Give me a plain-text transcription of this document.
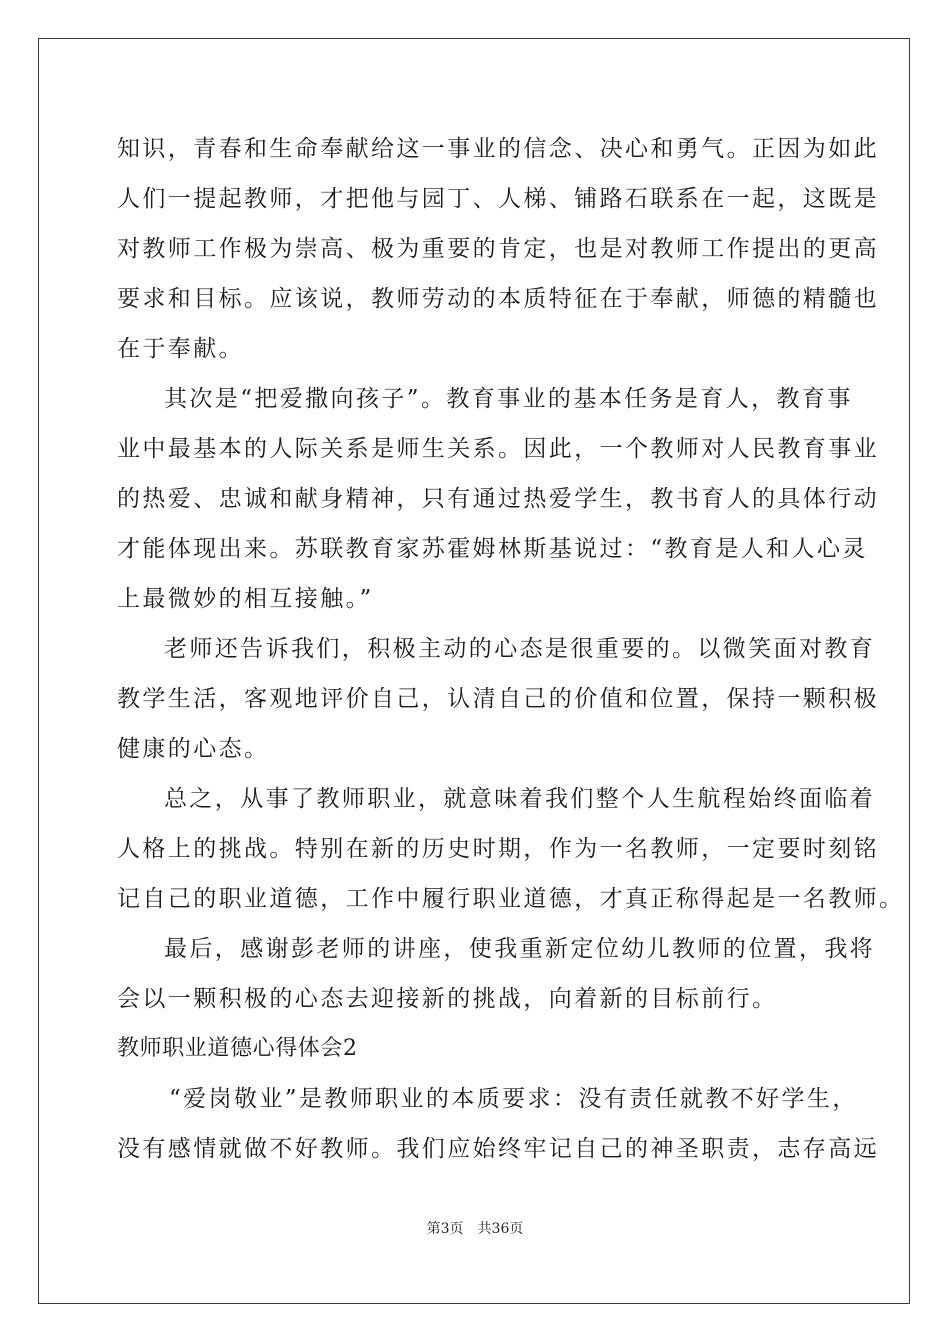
知识，青春和生命奉献给这一事业的信念、决心和勇气。正因为如此
人们一提起教师，才把他与园丁、人梯、铺路石联系在一起，这既是
对教师工作极为崇高、极为重要的肯定，也是对教师工作提出的更高
要求和目标。应该说，教师劳动的本质特征在于奉献，师德的精髓也
在于奉献。
其次是“把爱撒向孩子”。教育事业的基本任务是育人，教育事
业中最基本的人际关系是师生关系。因此，一个教师对人民教育事业
的热爱、忠诚和献身精神，只有通过热爱学生，教书育人的具体行动
才能体现出来。苏联教育家苏霍姆林斯基说过：“教育是人和人心灵
上最微妙的相互接触。”
老师还告诉我们，积极主动的心态是很重要的。以微笑面对教育
教学生活，客观地评价自己，认清自己的价值和位置，保持一颗积极
健康的心态。
总之，从事了教师职业，就意味着我们整个人生航程始终面临着
人格上的挑战。特别在新的历史时期，作为一名教师，一定要时刻铭
记自己的职业道德，工作中履行职业道德，才真正称得起是一名教师。
最后，感谢彭老师的讲座，使我重新定位幼儿教师的位置，我将
会以一颗积极的心态去迎接新的挑战，向着新的目标前行。
教师职业道德心得体会2
“爱岗敬业”是教师职业的本质要求：没有责任就教不好学生，
没有感情就做不好教师。我们应始终牢记自己的神圣职责，志存高远
第3页 共36页
